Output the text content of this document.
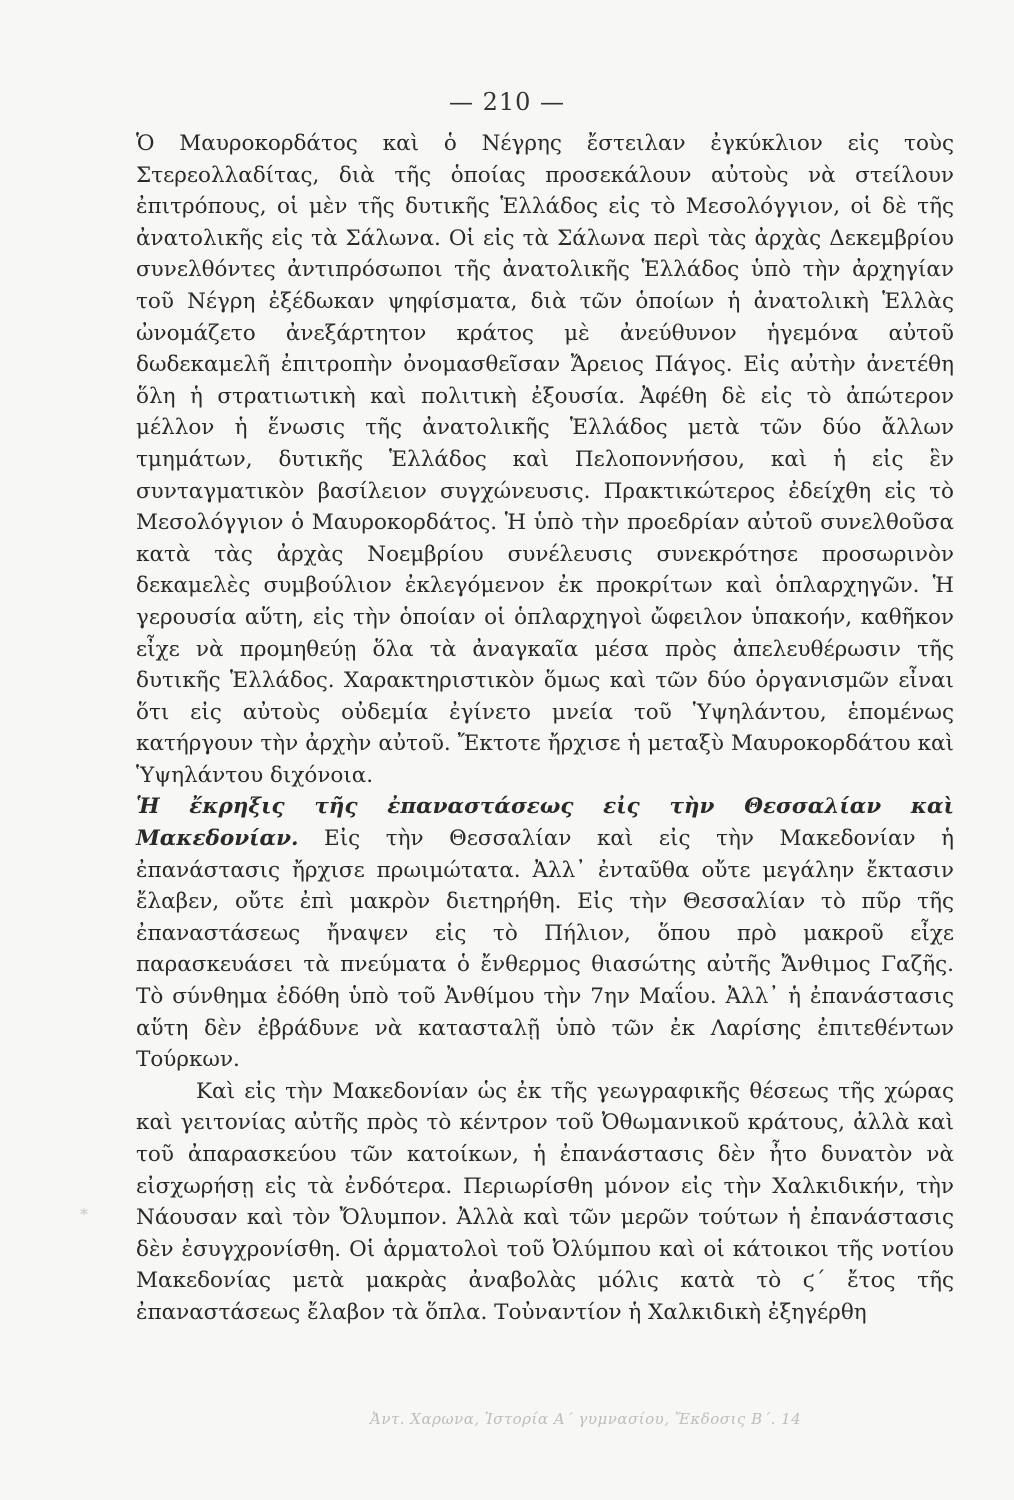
— 210 —

Ὁ Μαυροκορδάτος καὶ ὁ Νέγρης ἔστειλαν ἐγκύκλιον εἰς τοὺς Στερεολλαδίτας, διὰ τῆς ὁποίας προσεκάλουν αὐτοὺς νὰ στείλουν ἐπιτρόπους, οἱ μὲν τῆς δυτικῆς Ἑλλάδος εἰς τὸ Μεσολόγγιον, οἱ δὲ τῆς ἀνατολικῆς εἰς τὰ Σάλωνα. Οἱ εἰς τὰ Σάλωνα περὶ τὰς ἀρχὰς Δεκεμβρίου συνελθόντες ἀντιπρόσωποι τῆς ἀνατολικῆς Ἑλλάδος ὑπὸ τὴν ἀρχηγίαν τοῦ Νέγρη ἐξέδωκαν ψηφίσματα, διὰ τῶν ὁποίων ἡ ἀνατολικὴ Ἑλλὰς ὠνομάζετο ἀνεξάρτητον κράτος μὲ ἀνεύθυνον ἡγεμόνα αὐτοῦ δωδεκαμελῆ ἐπιτροπὴν ὀνομασθεῖσαν Ἄρειος Πάγος. Εἰς αὐτὴν ἀνετέθη ὅλη ἡ στρατιωτικὴ καὶ πολιτικὴ ἐξουσία. Ἀφέθη δὲ εἰς τὸ ἀπώτερον μέλλον ἡ ἕνωσις τῆς ἀνατολικῆς Ἑλλάδος μετὰ τῶν δύο ἄλλων τμημάτων, δυτικῆς Ἑλλάδος καὶ Πελοποννήσου, καὶ ἡ εἰς ἓν συνταγματικὸν βασίλειον συγχώνευσις. Πρακτικώτερος ἐδείχθη εἰς τὸ Μεσολόγγιον ὁ Μαυροκορδάτος. Ἡ ὑπὸ τὴν προεδρίαν αὐτοῦ συνελθοῦσα κατὰ τὰς ἀρχὰς Νοεμβρίου συνέλευσις συνεκρότησε προσωρινὸν δεκαμελὲς συμβούλιον ἐκλεγόμενον ἐκ προκρίτων καὶ ὁπλαρχηγῶν. Ἡ γερουσία αὕτη, εἰς τὴν ὁποίαν οἱ ὁπλαρχηγοὶ ὤφειλον ὑπακοήν, καθῆκον εἶχε νὰ προμηθεύῃ ὅλα τὰ ἀναγκαῖα μέσα πρὸς ἀπελευθέρωσιν τῆς δυτικῆς Ἑλλάδος. Χαρακτηριστικὸν ὅμως καὶ τῶν δύο ὀργανισμῶν εἶναι ὅτι εἰς αὐτοὺς οὐδεμία ἐγίνετο μνεία τοῦ Ὑψηλάντου, ἑπομένως κατήργουν τὴν ἀρχὴν αὐτοῦ. Ἔκτοτε ἤρχισε ἡ μεταξὺ Μαυροκορδάτου καὶ Ὑψηλάντου διχόνοια.

Ἡ ἔκρηξις τῆς ἐπαναστάσεως εἰς τὴν Θεσσαλίαν καὶ Μακεδονίαν. Εἰς τὴν Θεσσαλίαν καὶ εἰς τὴν Μακεδονίαν ἡ ἐπανάστασις ἤρχισε πρωιμώτατα. Ἀλλ᾽ ἐνταῦθα οὔτε μεγάλην ἔκτασιν ἔλαβεν, οὔτε ἐπὶ μακρὸν διετηρήθη. Εἰς τὴν Θεσσαλίαν τὸ πῦρ τῆς ἐπαναστάσεως ἤναψεν εἰς τὸ Πήλιον, ὅπου πρὸ μακροῦ εἶχε παρασκευάσει τὰ πνεύματα ὁ ἔνθερμος θιασώτης αὐτῆς Ἄνθιμος Γαζῆς. Τὸ σύνθημα ἐδόθη ὑπὸ τοῦ Ἀνθίμου τὴν 7ην Μαΐου. Ἀλλ᾽ ἡ ἐπανάστασις αὕτη δὲν ἐβράδυνε νὰ κατασταλῇ ὑπὸ τῶν ἐκ Λαρίσης ἐπιτεθέντων Τούρκων.

Καὶ εἰς τὴν Μακεδονίαν ὡς ἐκ τῆς γεωγραφικῆς θέσεως τῆς χώρας καὶ γειτονίας αὐτῆς πρὸς τὸ κέντρον τοῦ Ὀθωμανικοῦ κράτους, ἀλλὰ καὶ τοῦ ἀπαρασκεύου τῶν κατοίκων, ἡ ἐπανάστασις δὲν ἦτο δυνατὸν νὰ εἰσχωρήσῃ εἰς τὰ ἐνδότερα. Περιωρίσθη μόνον εἰς τὴν Χαλκιδικήν, τὴν Νάουσαν καὶ τὸν Ὄλυμπον. Ἀλλὰ καὶ τῶν μερῶν τούτων ἡ ἐπανάστασις δὲν ἐσυγχρονίσθη. Οἱ ἁρματολοὶ τοῦ Ὀλύμπου καὶ οἱ κάτοικοι τῆς νοτίου Μακεδονίας μετὰ μακρὰς ἀναβολὰς μόλις κατὰ τὸ ϛ´ ἔτος τῆς ἐπαναστάσεως ἔλαβον τὰ ὅπλα. Τοὐναντίον ἡ Χαλκιδικὴ ἐξηγέρθη

*
Ἀντ. Χαρωνα, Ἱστορία Α´ γυμνασίου, Ἔκδοσις Β´. 14
